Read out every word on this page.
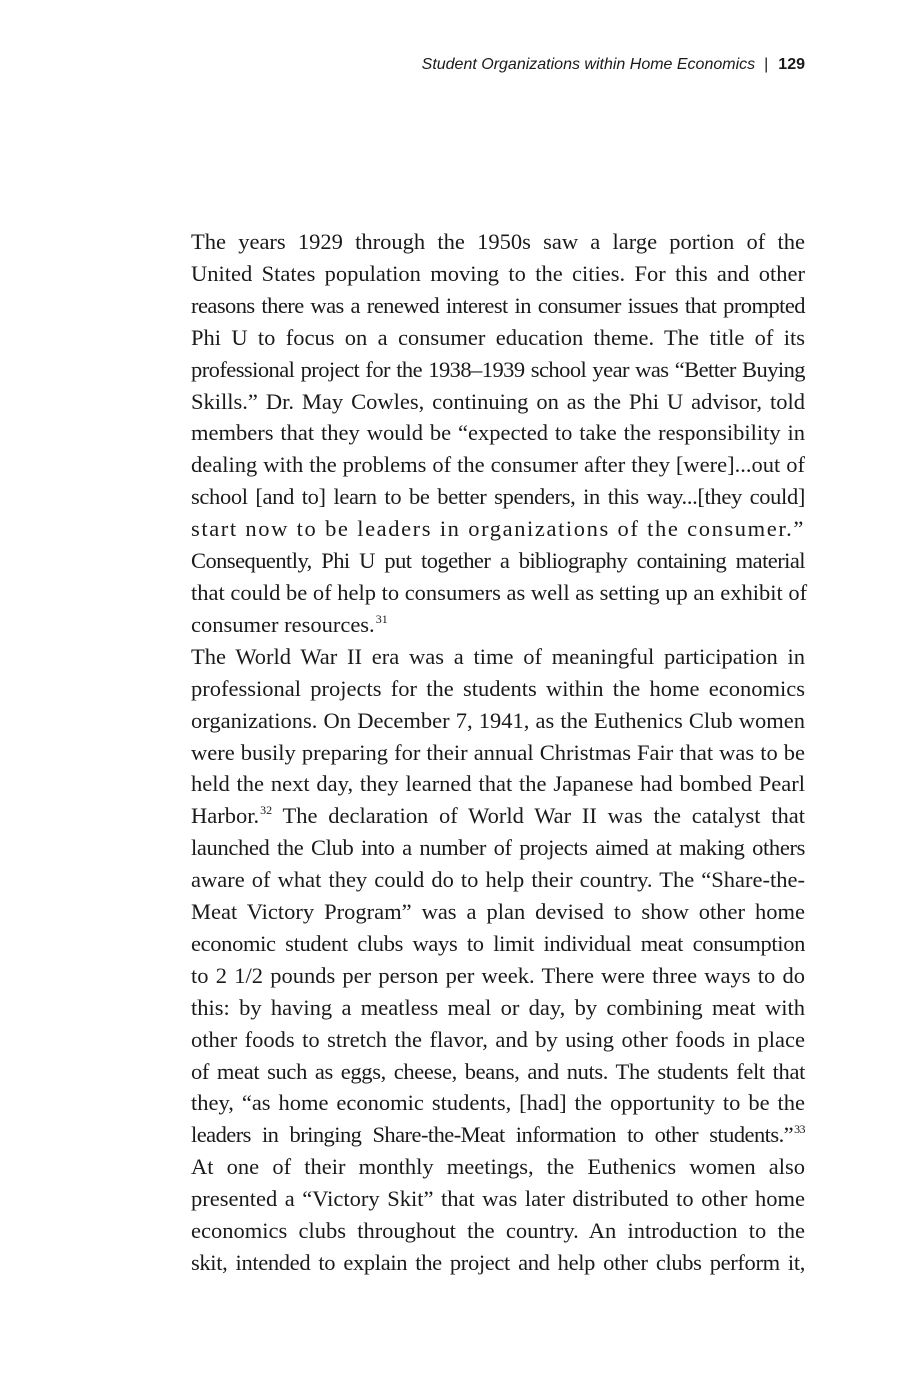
Student Organizations within Home Economics | 129

The years 1929 through the 1950s saw a large portion of the
United States population moving to the cities. For this and other
reasons there was a renewed interest in consumer issues that prompted
Phi U to focus on a consumer education theme. The title of its
professional project for the 1938–1939 school year was “Better Buying
Skills.” Dr. May Cowles, continuing on as the Phi U advisor, told
members that they would be “expected to take the responsibility in
dealing with the problems of the consumer after they [were]...out of
school [and to] learn to be better spenders, in this way...[they could]
start now to be leaders in organizations of the consumer.”
Consequently, Phi U put together a bibliography containing material
that could be of help to consumers as well as setting up an exhibit of
consumer resources.$^{31}$

The World War II era was a time of meaningful participation in
professional projects for the students within the home economics
organizations. On December 7, 1941, as the Euthenics Club women
were busily preparing for their annual Christmas Fair that was to be
held the next day, they learned that the Japanese had bombed Pearl
Harbor.$^{32}$ The declaration of World War II was the catalyst that
launched the Club into a number of projects aimed at making others
aware of what they could do to help their country. The “Share-the-
Meat Victory Program” was a plan devised to show other home
economic student clubs ways to limit individual meat consumption
to 2 1/2 pounds per person per week. There were three ways to do
this: by having a meatless meal or day, by combining meat with
other foods to stretch the flavor, and by using other foods in place
of meat such as eggs, cheese, beans, and nuts. The students felt that
they, “as home economic students, [had] the opportunity to be the
leaders in bringing Share-the-Meat information to other students.”$^{33}$
At one of their monthly meetings, the Euthenics women also
presented a “Victory Skit” that was later distributed to other home
economics clubs throughout the country. An introduction to the
skit, intended to explain the project and help other clubs perform it,
